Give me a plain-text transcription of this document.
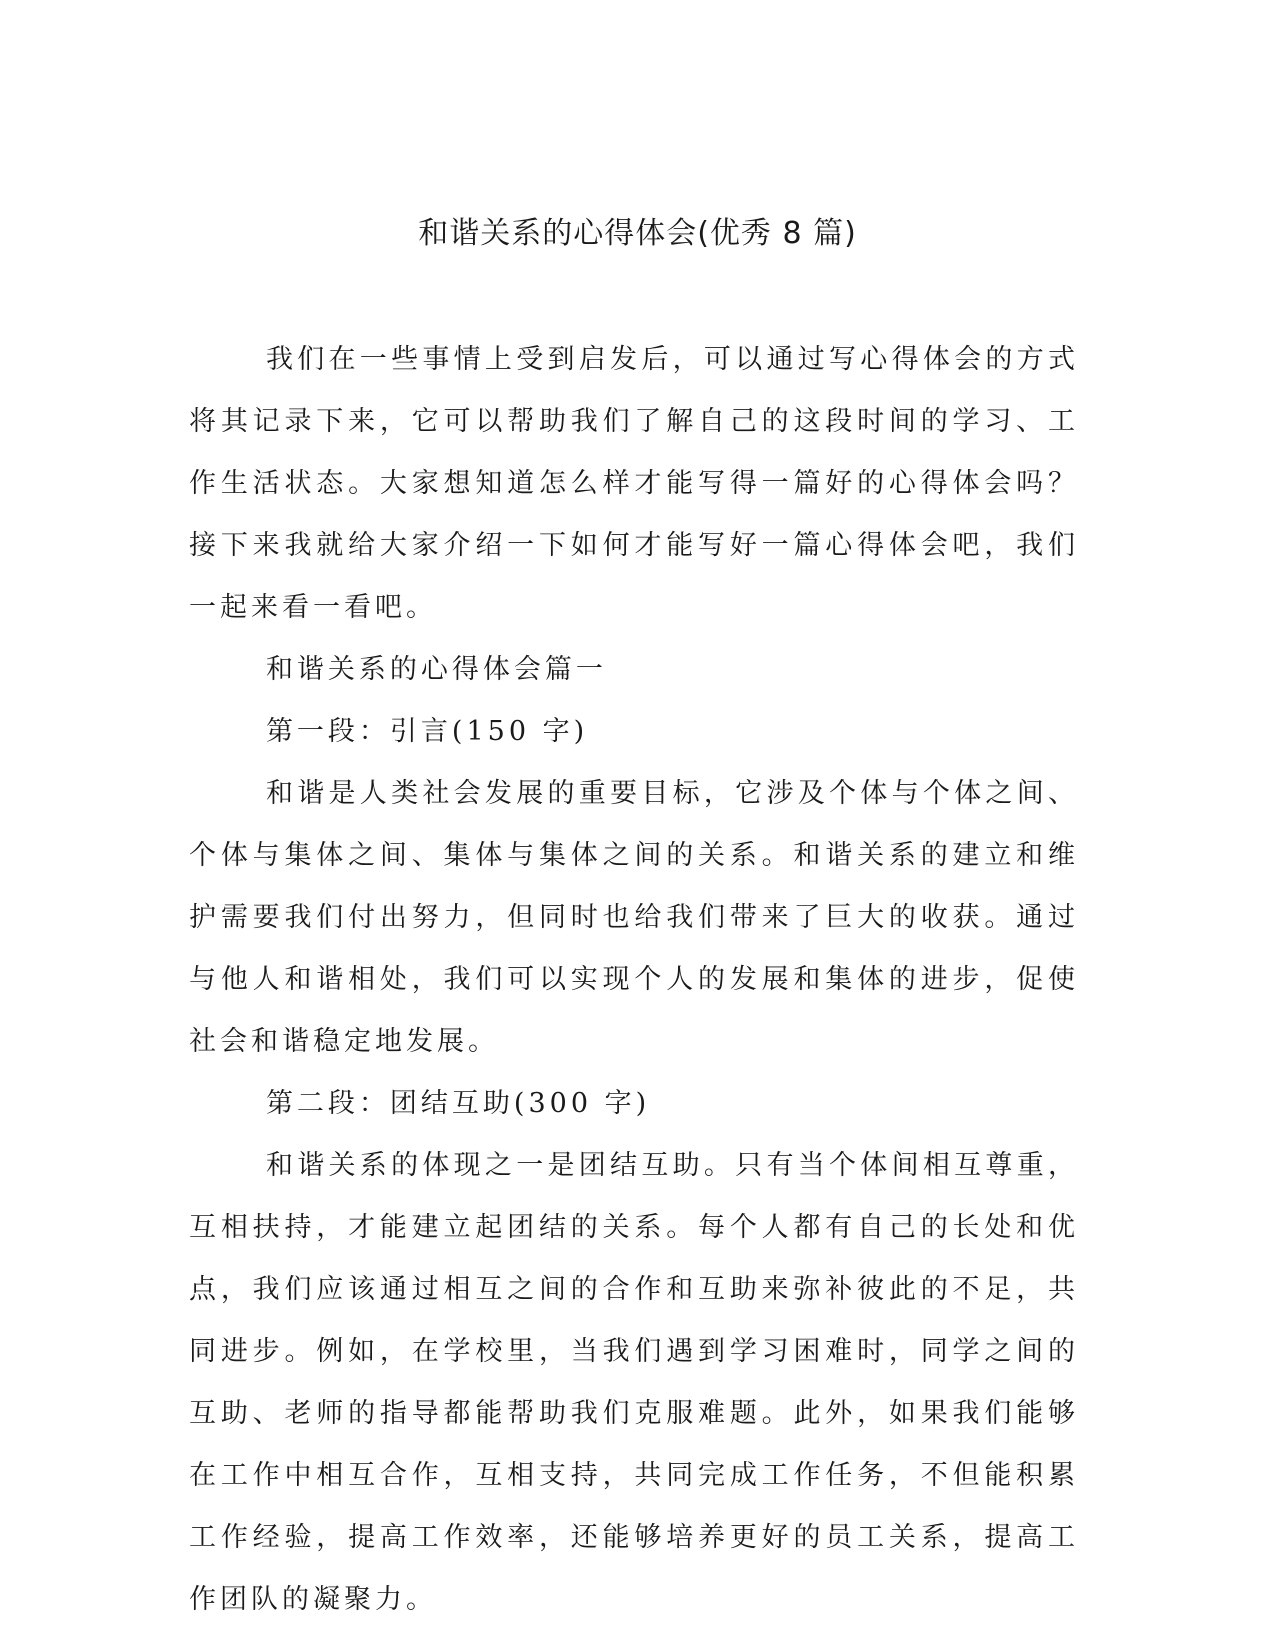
和谐关系的心得体会(优秀 8 篇)

我们在一些事情上受到启发后，可以通过写心得体会的方式将其记录下来，它可以帮助我们了解自己的这段时间的学习、工作生活状态。大家想知道怎么样才能写得一篇好的心得体会吗？接下来我就给大家介绍一下如何才能写好一篇心得体会吧，我们一起来看一看吧。

和谐关系的心得体会篇一

第一段：引言(150 字)

和谐是人类社会发展的重要目标，它涉及个体与个体之间、个体与集体之间、集体与集体之间的关系。和谐关系的建立和维护需要我们付出努力，但同时也给我们带来了巨大的收获。通过与他人和谐相处，我们可以实现个人的发展和集体的进步，促使社会和谐稳定地发展。

第二段：团结互助(300 字)

和谐关系的体现之一是团结互助。只有当个体间相互尊重，互相扶持，才能建立起团结的关系。每个人都有自己的长处和优点，我们应该通过相互之间的合作和互助来弥补彼此的不足，共同进步。例如，在学校里，当我们遇到学习困难时，同学之间的互助、老师的指导都能帮助我们克服难题。此外，如果我们能够在工作中相互合作，互相支持，共同完成工作任务，不但能积累工作经验，提高工作效率，还能够培养更好的员工关系，提高工作团队的凝聚力。
